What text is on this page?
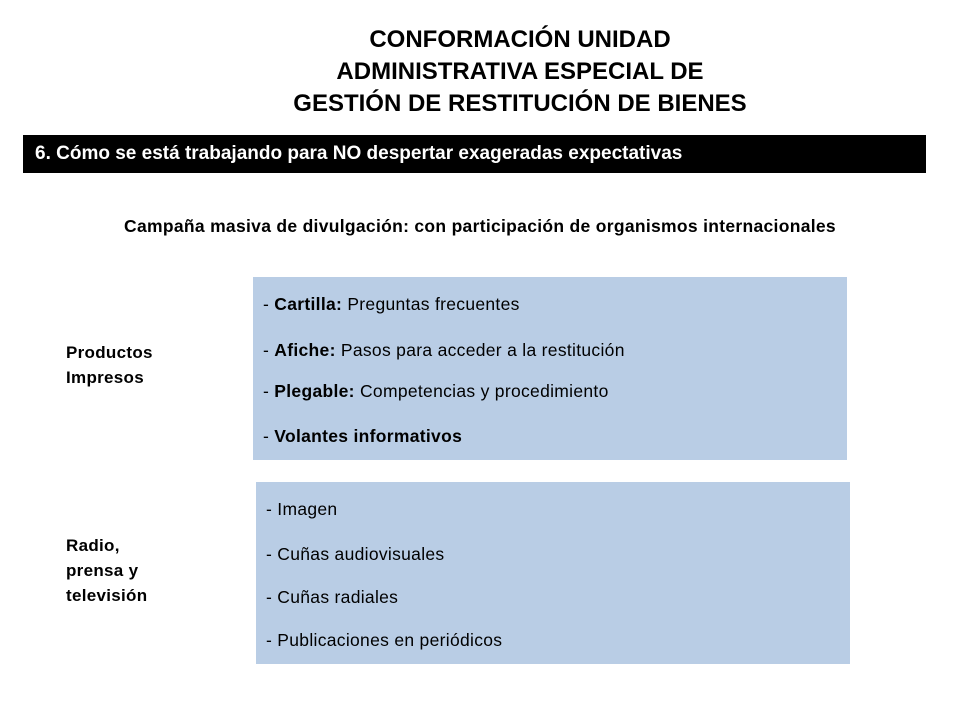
CONFORMACIÓN UNIDAD
ADMINISTRATIVA ESPECIAL DE
GESTIÓN DE RESTITUCIÓN DE BIENES
6. Cómo se está trabajando para NO despertar exageradas expectativas
Campaña masiva de divulgación: con participación de organismos internacionales
Productos
Impresos
- Cartilla: Preguntas frecuentes
- Afiche: Pasos para acceder a la restitución
- Plegable: Competencias y procedimiento
- Volantes informativos
Radio,
prensa y
televisión
- Imagen
- Cuñas audiovisuales
- Cuñas radiales
- Publicaciones en periódicos
